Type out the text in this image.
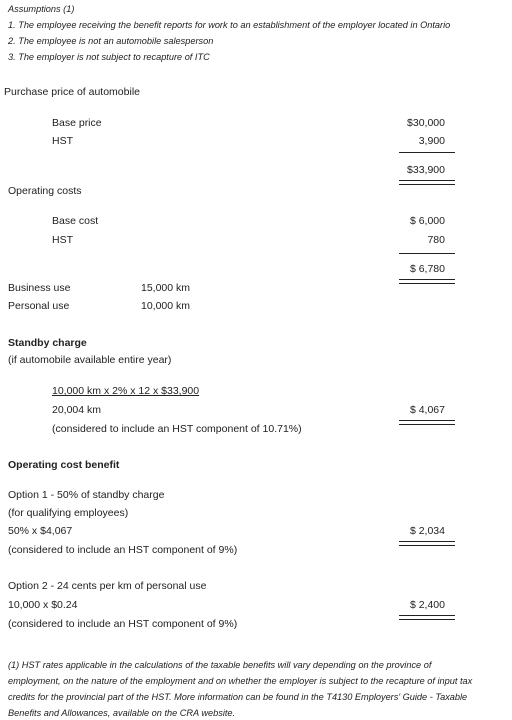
Assumptions (1)
1. The employee receiving the benefit reports for work to an establishment of the employer located in Ontario
2. The employee is not an automobile salesperson
3. The employer is not subject to recapture of ITC
Purchase price of automobile
Base price	$30,000
HST	3,900
$33,900
Operating costs
Base cost	$ 6,000
HST	780
$ 6,780
Business use	15,000 km
Personal use	10,000 km
Standby charge
(if automobile available entire year)
10,000 km x 2% x 12 x $33,900
20,004 km	$ 4,067
(considered to include an HST component of 10.71%)
Operating cost benefit
Option 1 - 50% of standby charge
(for qualifying employees)
50% x $4,067	$ 2,034
(considered to include an HST component of 9%)
Option 2 - 24 cents per km of personal use
10,000 x $0.24	$ 2,400
(considered to include an HST component of 9%)
(1) HST rates applicable in the calculations of the taxable benefits will vary depending on the province of
employment, on the nature of the employment and on whether the employer is subject to the recapture of input tax
credits for the provincial part of the HST. More information can be found in the T4130 Employers' Guide - Taxable
Benefits and Allowances, available on the CRA website.
